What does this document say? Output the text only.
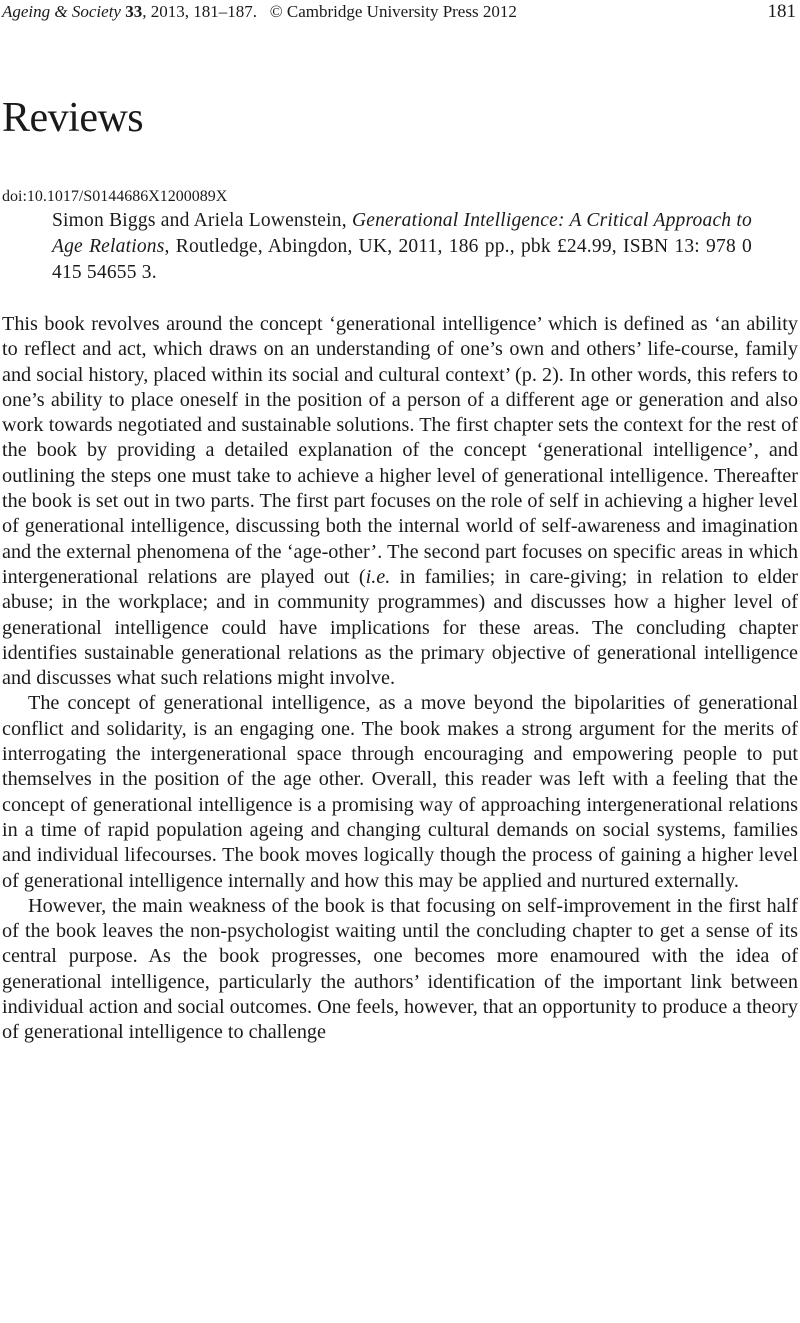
Ageing & Society 33, 2013, 181–187. © Cambridge University Press 2012	181
Reviews
doi:10.1017/S0144686X1200089X
Simon Biggs and Ariela Lowenstein, Generational Intelligence: A Critical Approach to Age Relations, Routledge, Abingdon, UK, 2011, 186 pp., pbk £24.99, ISBN 13: 978 0 415 54655 3.

This book revolves around the concept ‘generational intelligence’ which is defined as ‘an ability to reflect and act, which draws on an understanding of one’s own and others’ life-course, family and social history, placed within its social and cultural context’ (p. 2). In other words, this refers to one’s ability to place oneself in the position of a person of a different age or generation and also work towards negotiated and sustainable solutions. The first chapter sets the context for the rest of the book by providing a detailed explanation of the concept ‘generational intelligence’, and outlining the steps one must take to achieve a higher level of generational intelligence. Thereafter the book is set out in two parts. The first part focuses on the role of self in achieving a higher level of generational intelligence, discussing both the internal world of self-awareness and imagination and the external phenomena of the ‘age-other’. The second part focuses on specific areas in which intergenerational relations are played out (i.e. in families; in care-giving; in relation to elder abuse; in the workplace; and in community programmes) and discusses how a higher level of generational intelligence could have implications for these areas. The concluding chapter identifies sustainable generational relations as the primary objective of generational intelligence and discusses what such relations might involve.

The concept of generational intelligence, as a move beyond the bipolarities of generational conflict and solidarity, is an engaging one. The book makes a strong argument for the merits of interrogating the intergenerational space through encouraging and empowering people to put themselves in the position of the age other. Overall, this reader was left with a feeling that the concept of generational intelligence is a promising way of approaching intergenerational relations in a time of rapid population ageing and changing cultural demands on social systems, families and individual lifecourses. The book moves logically though the process of gaining a higher level of generational intelligence internally and how this may be applied and nurtured externally.

However, the main weakness of the book is that focusing on self-improvement in the first half of the book leaves the non-psychologist waiting until the concluding chapter to get a sense of its central purpose. As the book progresses, one becomes more enamoured with the idea of generational intelligence, particularly the authors’ identification of the important link between individual action and social outcomes. One feels, however, that an opportunity to produce a theory of generational intelligence to challenge
